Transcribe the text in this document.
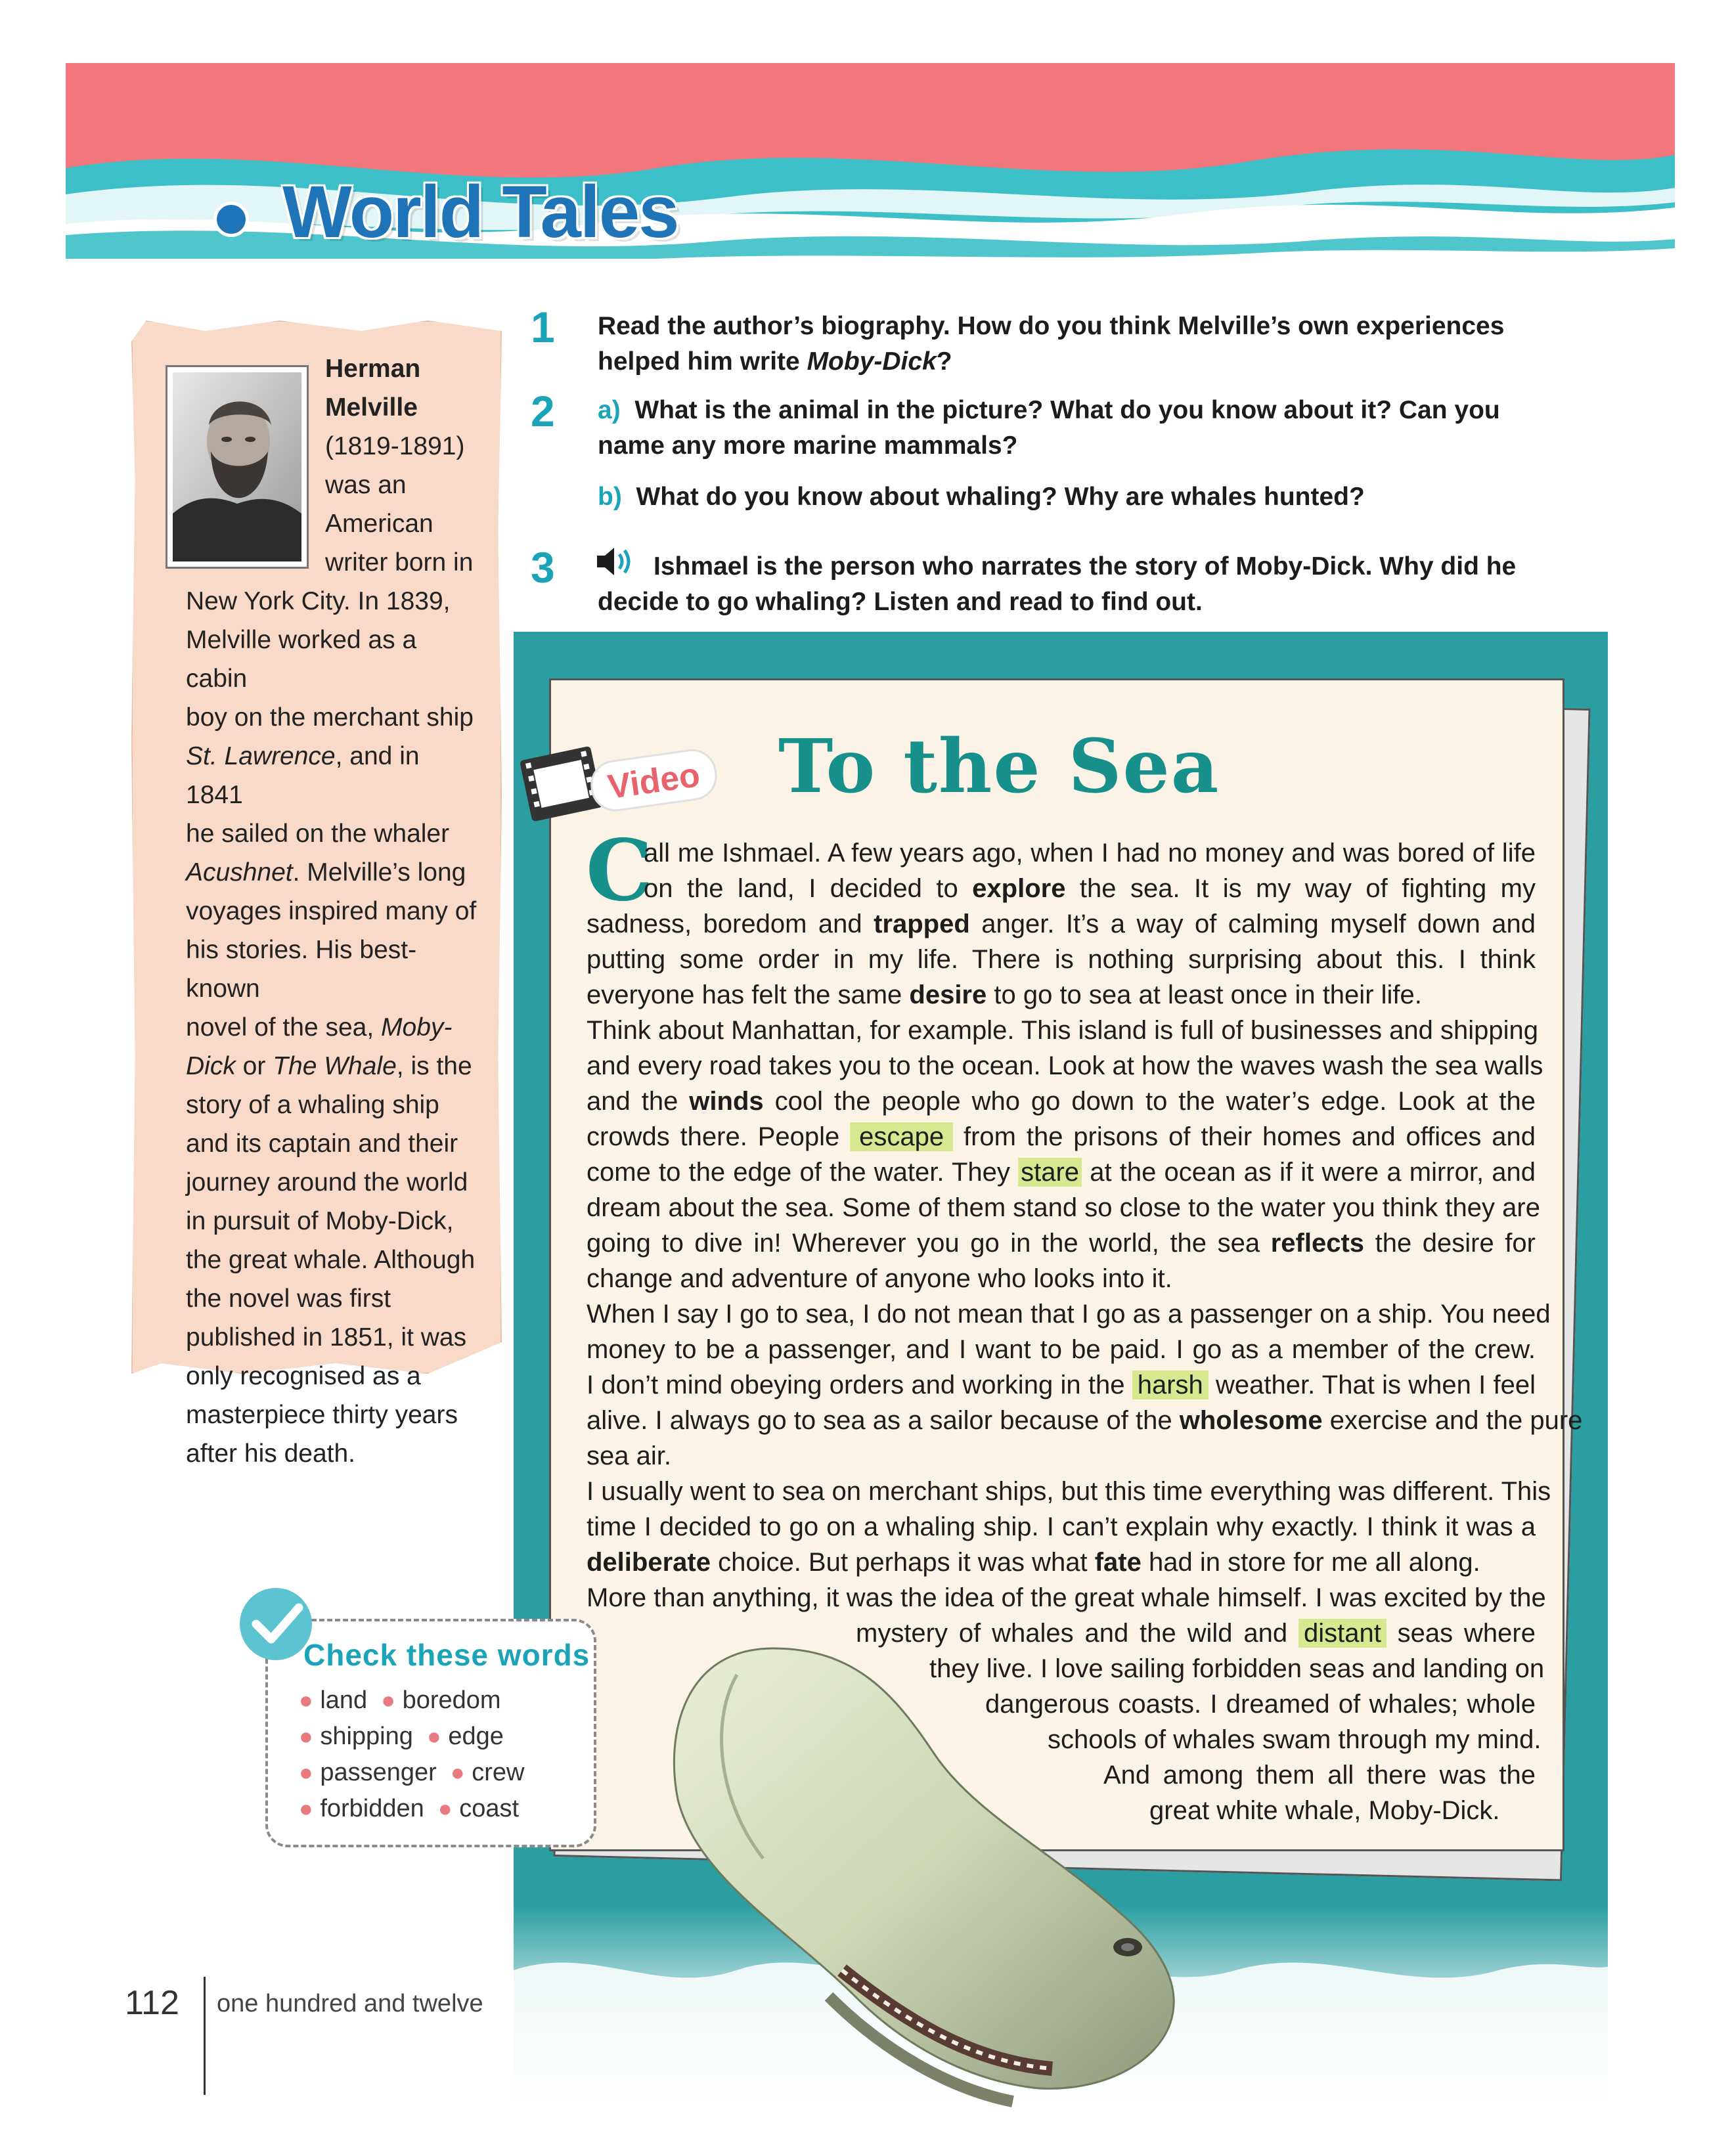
World Tales
Herman
Melville
(1819-1891)
was an
American
writer born in
New York City. In 1839,
Melville worked as a cabin
boy on the merchant ship
St. Lawrence, and in 1841
he sailed on the whaler
Acushnet. Melville’s long
voyages inspired many of
his stories. His best-known
novel of the sea, Moby-
Dick or The Whale, is the
story of a whaling ship
and its captain and their
journey around the world
in pursuit of Moby-Dick,
the great whale. Although
the novel was first
published in 1851, it was
only recognised as a
masterpiece thirty years
after his death.
1 Read the author’s biography. How do you think Melville’s own experiences
helped him write Moby-Dick?
2 a) What is the animal in the picture? What do you know about it? Can you
name any more marine mammals?
b) What do you know about whaling? Why are whales hunted?
3	Ishmael is the person who narrates the story of Moby-Dick. Why did he
decide to go whaling? Listen and read to find out.
Video To the Sea
C
all me Ishmael. A few years ago, when I had no money and was bored of life
on the land, I decided to explore the sea. It is my way of fighting my
sadness, boredom and trapped anger. It’s a way of calming myself down and
putting some order in my life. There is nothing surprising about this. I think
everyone has felt the same desire to go to sea at least once in their life.
Think about Manhattan, for example. This island is full of businesses and shipping
and every road takes you to the ocean. Look at how the waves wash the sea walls
and the winds cool the people who go down to the water’s edge. Look at the
crowds there. People escape from the prisons of their homes and offices and
come to the edge of the water. They stare at the ocean as if it were a mirror, and
dream about the sea. Some of them stand so close to the water you think they are
going to dive in! Wherever you go in the world, the sea reflects the desire for
change and adventure of anyone who looks into it.
When I say I go to sea, I do not mean that I go as a passenger on a ship. You need
money to be a passenger, and I want to be paid. I go as a member of the crew.
I don’t mind obeying orders and working in the harsh weather. That is when I feel
alive. I always go to sea as a sailor because of the wholesome exercise and the pure
sea air.
I usually went to sea on merchant ships, but this time everything was different. This
time I decided to go on a whaling ship. I can’t explain why exactly. I think it was a
deliberate choice. But perhaps it was what fate had in store for me all along.
More than anything, it was the idea of the great whale himself. I was excited by the
mystery of whales and the wild and distant seas where
they live. I love sailing forbidden seas and landing on
dangerous coasts. I dreamed of whales; whole
schools of whales swam through my mind.
And among them all there was the
great white whale, Moby-Dick.
Check these words
● land ● boredom
● shipping ● edge
● passenger ● crew
● forbidden ● coast
112 one hundred and twelve
